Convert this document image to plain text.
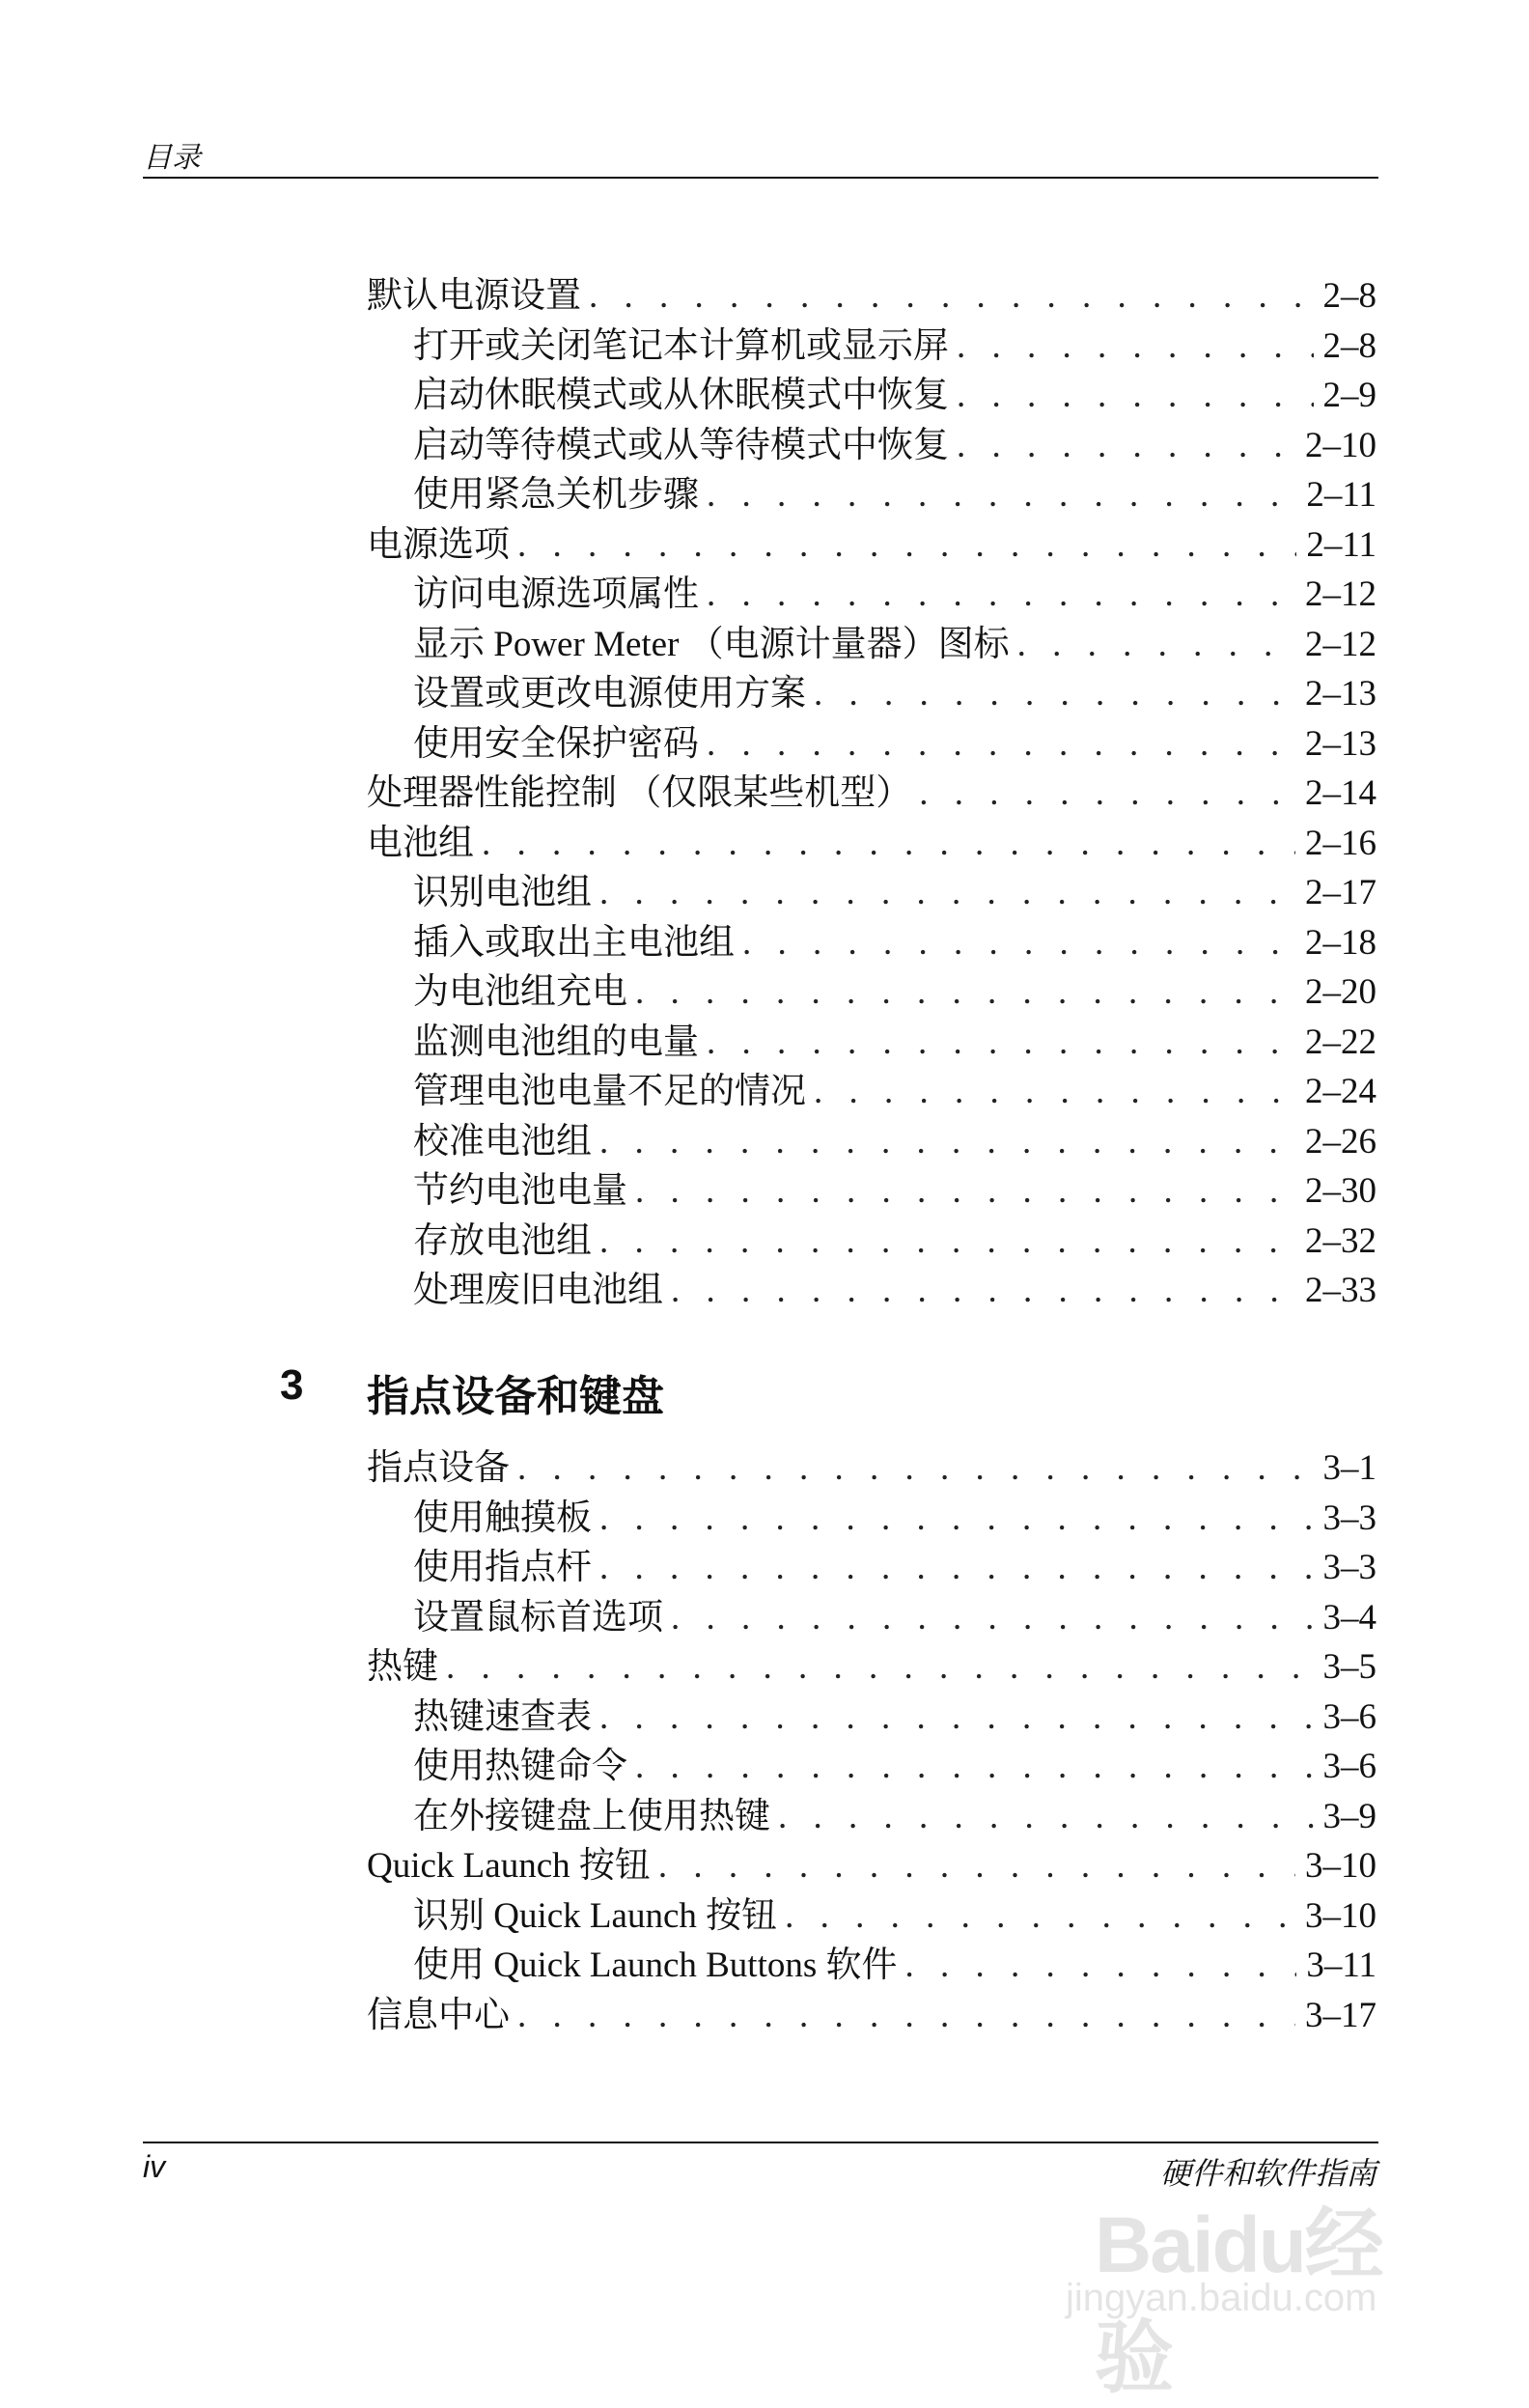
目录
默认电源设置 . . .	2–8
打开或关闭笔记本计算机或显示屏 . . .	2–8
启动休眠模式或从休眠模式中恢复 . . .	2–9
启动等待模式或从等待模式中恢复 . . .	2–10
使用紧急关机步骤 . . .	2–11
电源选项 . . .	2–11
访问电源选项属性 . . .	2–12
显示 Power Meter （电源计量器）图标 . . .	2–12
设置或更改电源使用方案 . . .	2–13
使用安全保护密码 . . .	2–13
处理器性能控制 （仅限某些机型） . . .	2–14
电池组 . . .	2–16
识别电池组 . . .	2–17
插入或取出主电池组 . . .	2–18
为电池组充电 . . .	2–20
监测电池组的电量 . . .	2–22
管理电池电量不足的情况 . . .	2–24
校准电池组 . . .	2–26
节约电池电量 . . .	2–30
存放电池组 . . .	2–32
处理废旧电池组 . . .	2–33
3 指点设备和键盘
指点设备 . . .	3–1
使用触摸板 . . .	3–3
使用指点杆 . . .	3–3
设置鼠标首选项 . . .	3–4
热键 . . .	3–5
热键速查表 . . .	3–6
使用热键命令 . . .	3–6
在外接键盘上使用热键 . . .	3–9
Quick Launch 按钮 . . .	3–10
识别 Quick Launch 按钮 . . .	3–10
使用 Quick Launch Buttons 软件 . . .	3–11
信息中心 . . .	3–17
iv	硬件和软件指南
Baidu经验
jingyan.baidu.com
